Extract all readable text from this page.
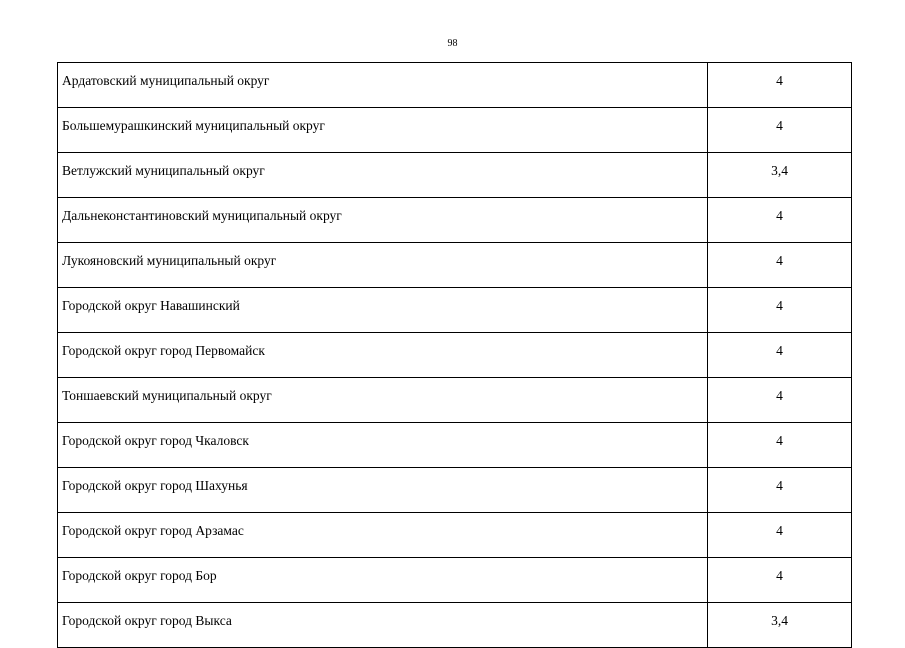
98
Ардатовский муниципальный округ	4
Большемурашкинский муниципальный округ	4
Ветлужский муниципальный округ	3,4
Дальнеконстантиновский муниципальный округ	4
Лукояновский муниципальный округ	4
Городской округ Навашинский	4
Городской округ город Первомайск	4
Тоншаевский муниципальный округ	4
Городской округ город Чкаловск	4
Городской округ город Шахунья	4
Городской округ город Арзамас	4
Городской округ город Бор	4
Городской округ город Выкса	3,4
